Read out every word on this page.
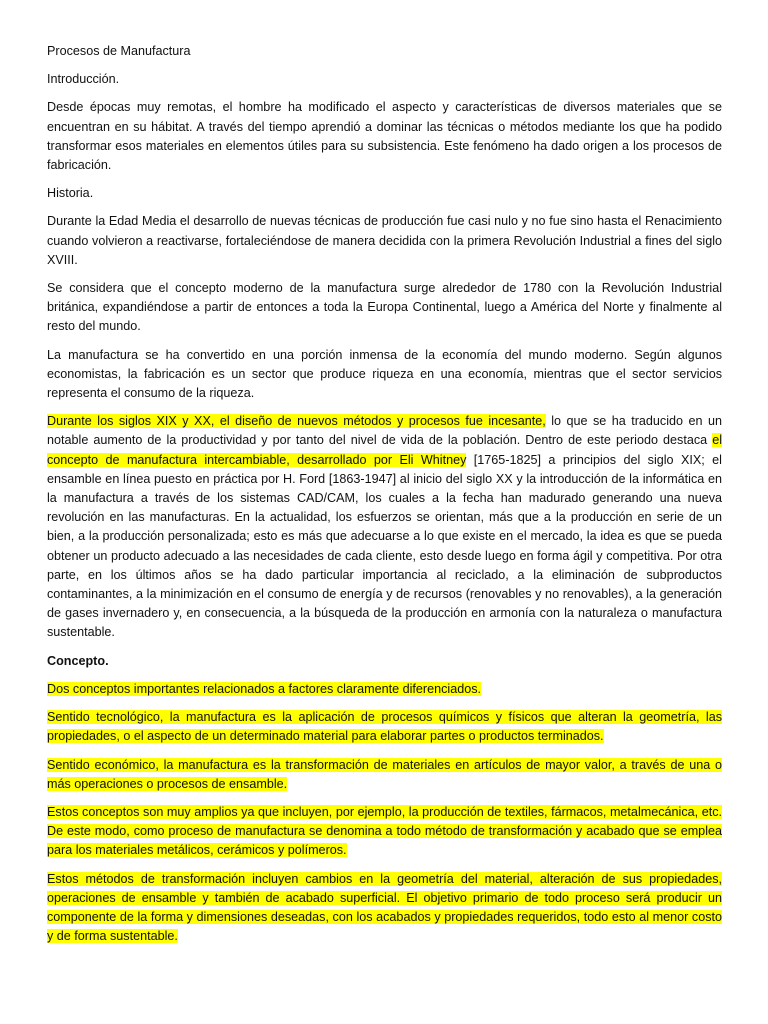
Procesos de Manufactura

Introducción.

Desde épocas muy remotas, el hombre ha modificado el aspecto y características de diversos materiales que se encuentran en su hábitat. A través del tiempo aprendió a dominar las técnicas o métodos mediante los que ha podido transformar esos materiales en elementos útiles para su subsistencia. Este fenómeno ha dado origen a los procesos de fabricación.

Historia.

Durante la Edad Media el desarrollo de nuevas técnicas de producción fue casi nulo y no fue sino hasta el Renacimiento cuando volvieron a reactivarse, fortaleciéndose de manera decidida con la primera Revolución Industrial a fines del siglo XVIII.

Se considera que el concepto moderno de la manufactura surge alrededor de 1780 con la Revolución Industrial británica, expandiéndose a partir de entonces a toda la Europa Continental, luego a América del Norte y finalmente al resto del mundo.

La manufactura se ha convertido en una porción inmensa de la economía del mundo moderno. Según algunos economistas, la fabricación es un sector que produce riqueza en una economía, mientras que el sector servicios representa el consumo de la riqueza.

Durante los siglos XIX y XX, el diseño de nuevos métodos y procesos fue incesante, lo que se ha traducido en un notable aumento de la productividad y por tanto del nivel de vida de la población. Dentro de este periodo destaca el concepto de manufactura intercambiable, desarrollado por Eli Whitney [1765-1825] a principios del siglo XIX; el ensamble en línea puesto en práctica por H. Ford [1863-1947] al inicio del siglo XX y la introducción de la informática en la manufactura a través de los sistemas CAD/CAM, los cuales a la fecha han madurado generando una nueva revolución en las manufacturas. En la actualidad, los esfuerzos se orientan, más que a la producción en serie de un bien, a la producción personalizada; esto es más que adecuarse a lo que existe en el mercado, la idea es que se pueda obtener un producto adecuado a las necesidades de cada cliente, esto desde luego en forma ágil y competitiva. Por otra parte, en los últimos años se ha dado particular importancia al reciclado, a la eliminación de subproductos contaminantes, a la minimización en el consumo de energía y de recursos (renovables y no renovables), a la generación de gases invernadero y, en consecuencia, a la búsqueda de la producción en armonía con la naturaleza o manufactura sustentable.

Concepto.

Dos conceptos importantes relacionados a factores claramente diferenciados.

Sentido tecnológico, la manufactura es la aplicación de procesos químicos y físicos que alteran la geometría, las propiedades, o el aspecto de un determinado material para elaborar partes o productos terminados.

Sentido económico, la manufactura es la transformación de materiales en artículos de mayor valor, a través de una o más operaciones o procesos de ensamble.

Estos conceptos son muy amplios ya que incluyen, por ejemplo, la producción de textiles, fármacos, metalmecánica, etc. De este modo, como proceso de manufactura se denomina a todo método de transformación y acabado que se emplea para los materiales metálicos, cerámicos y polímeros.

Estos métodos de transformación incluyen cambios en la geometría del material, alteración de sus propiedades, operaciones de ensamble y también de acabado superficial. El objetivo primario de todo proceso será producir un componente de la forma y dimensiones deseadas, con los acabados y propiedades requeridos, todo esto al menor costo y de forma sustentable.
